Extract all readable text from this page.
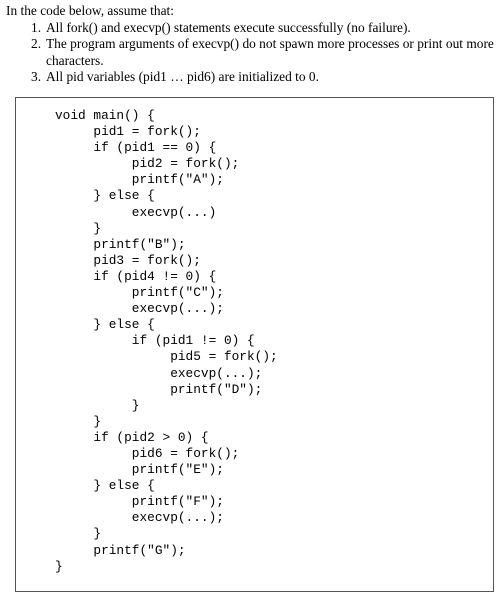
In the code below, assume that:

1. All fork() and execvp() statements execute successfully (no failure).
2. The program arguments of execvp() do not spawn more processes or print out more characters.
3. All pid variables (pid1 … pid6) are initialized to 0.
void main() {
pid1 = fork();
if (pid1 == 0) {
pid2 = fork();
printf("A");
} else {
execvp(...)
}
printf("B");
pid3 = fork();
if (pid4 != 0) {
printf("C");
execvp(...);
} else {
if (pid1 != 0) {
pid5 = fork();
execvp(...);
printf("D");
}
}
if (pid2 > 0) {
pid6 = fork();
printf("E");
} else {
printf("F");
execvp(...);
}
printf("G");
}
